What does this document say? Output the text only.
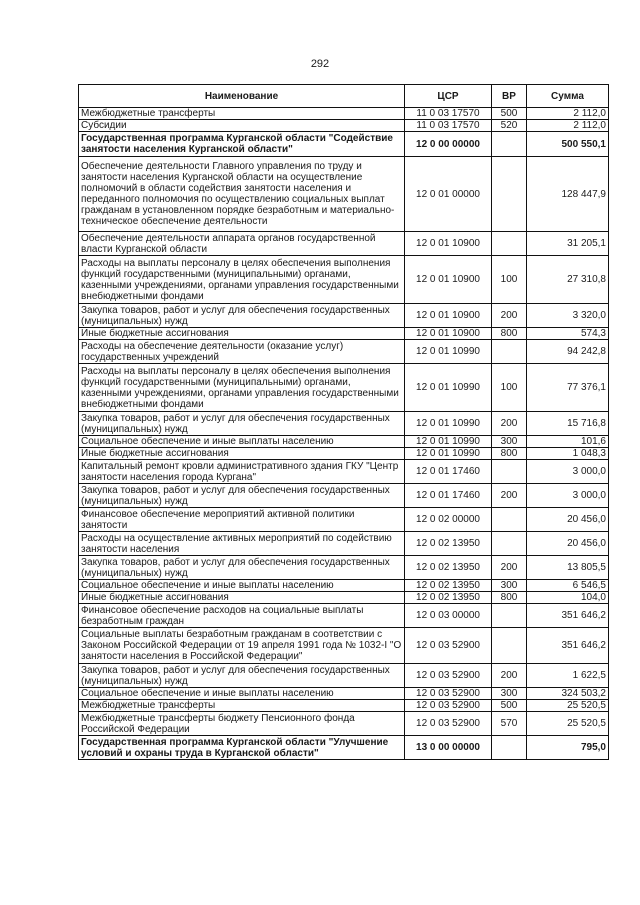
292
Наименование	ЦСР	ВР	Сумма
Межбюджетные трансферты	11 0 03 17570	500	2 112,0
Субсидии	11 0 03 17570	520	2 112,0
Государственная программа Курганской области "Содействие занятости населения Курганской области"	12 0 00 00000		500 550,1
Обеспечение деятельности Главного управления по труду и занятости населения Курганской области на осуществление полномочий в области содействия занятости населения и переданного полномочия по осуществлению социальных выплат гражданам в установленном порядке безработным и материально-техническое обеспечение деятельности	12 0 01 00000		128 447,9
Обеспечение деятельности аппарата органов государственной власти Курганской области	12 0 01 10900		31 205,1
Расходы на выплаты персоналу в целях обеспечения выполнения функций государственными (муниципальными) органами, казенными учреждениями, органами управления государственными внебюджетными фондами	12 0 01 10900	100	27 310,8
Закупка товаров, работ и услуг для обеспечения государственных (муниципальных) нужд	12 0 01 10900	200	3 320,0
Иные бюджетные ассигнования	12 0 01 10900	800	574,3
Расходы на обеспечение деятельности (оказание услуг) государственных учреждений	12 0 01 10990		94 242,8
Расходы на выплаты персоналу в целях обеспечения выполнения функций государственными (муниципальными) органами, казенными учреждениями, органами управления государственными внебюджетными фондами	12 0 01 10990	100	77 376,1
Закупка товаров, работ и услуг для обеспечения государственных (муниципальных) нужд	12 0 01 10990	200	15 716,8
Социальное обеспечение и иные выплаты населению	12 0 01 10990	300	101,6
Иные бюджетные ассигнования	12 0 01 10990	800	1 048,3
Капитальный ремонт кровли административного здания ГКУ "Центр занятости населения города Кургана"	12 0 01 17460		3 000,0
Закупка товаров, работ и услуг для обеспечения государственных (муниципальных) нужд	12 0 01 17460	200	3 000,0
Финансовое обеспечение мероприятий активной политики занятости	12 0 02 00000		20 456,0
Расходы на осуществление активных мероприятий по содействию занятости населения	12 0 02 13950		20 456,0
Закупка товаров, работ и услуг для обеспечения государственных (муниципальных) нужд	12 0 02 13950	200	13 805,5
Социальное обеспечение и иные выплаты населению	12 0 02 13950	300	6 546,5
Иные бюджетные ассигнования	12 0 02 13950	800	104,0
Финансовое обеспечение расходов на социальные выплаты безработным граждан	12 0 03 00000		351 646,2
Социальные выплаты безработным гражданам в соответствии с Законом Российской Федерации от 19 апреля 1991 года № 1032-I "О занятости населения в Российской Федерации"	12 0 03 52900		351 646,2
Закупка товаров, работ и услуг для обеспечения государственных (муниципальных) нужд	12 0 03 52900	200	1 622,5
Социальное обеспечение и иные выплаты населению	12 0 03 52900	300	324 503,2
Межбюджетные трансферты	12 0 03 52900	500	25 520,5
Межбюджетные трансферты бюджету Пенсионного фонда Российской Федерации	12 0 03 52900	570	25 520,5
Государственная программа Курганской области "Улучшение условий и охраны труда в Курганской области"	13 0 00 00000		795,0
